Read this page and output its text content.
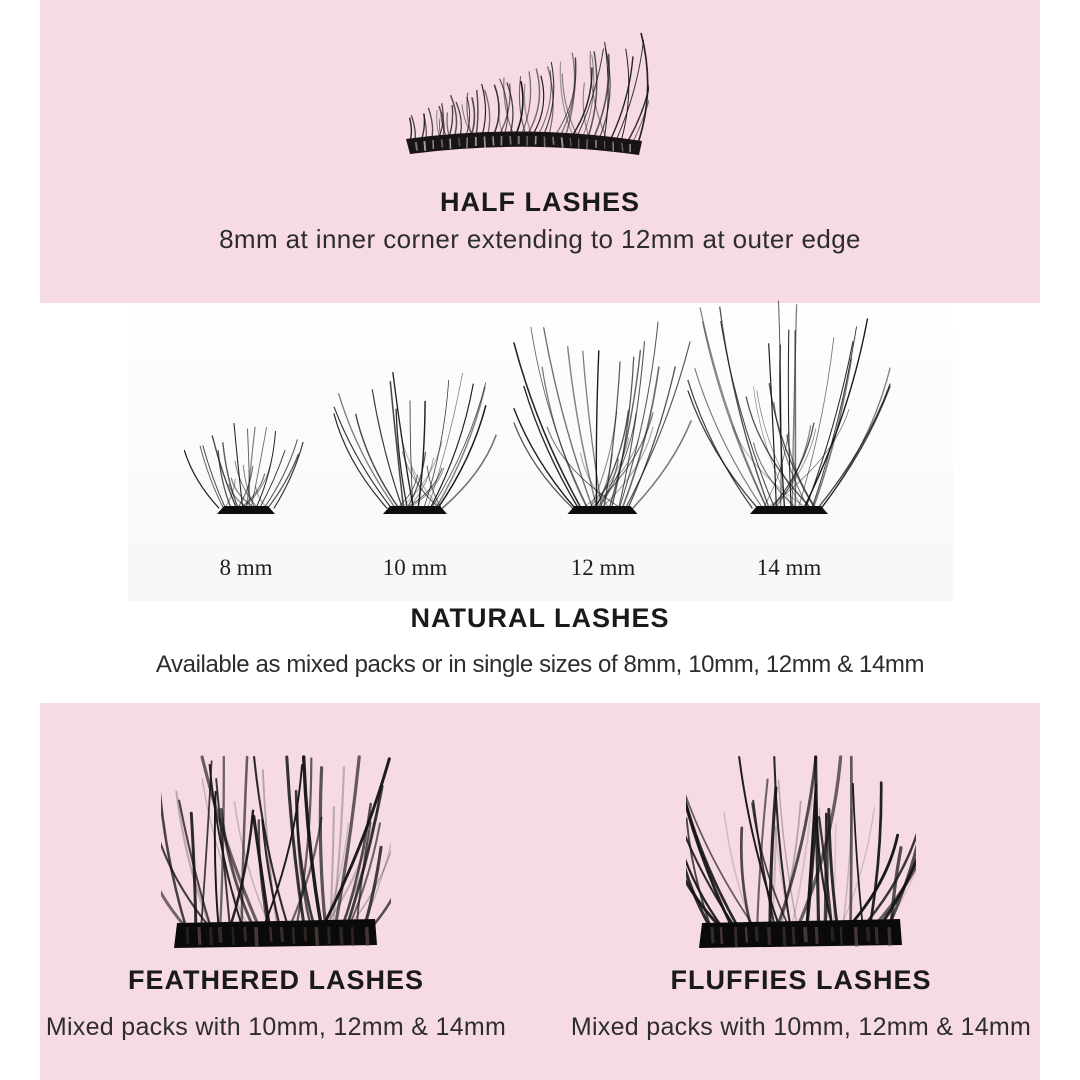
HALF LASHES
8mm at inner corner extending to 12mm at outer edge
8 mm	10 mm	12 mm	14 mm
NATURAL LASHES
Available as mixed packs or in single sizes of 8mm, 10mm, 12mm & 14mm
FEATHERED LASHES
Mixed packs with 10mm, 12mm & 14mm
FLUFFIES LASHES
Mixed packs with 10mm, 12mm & 14mm
